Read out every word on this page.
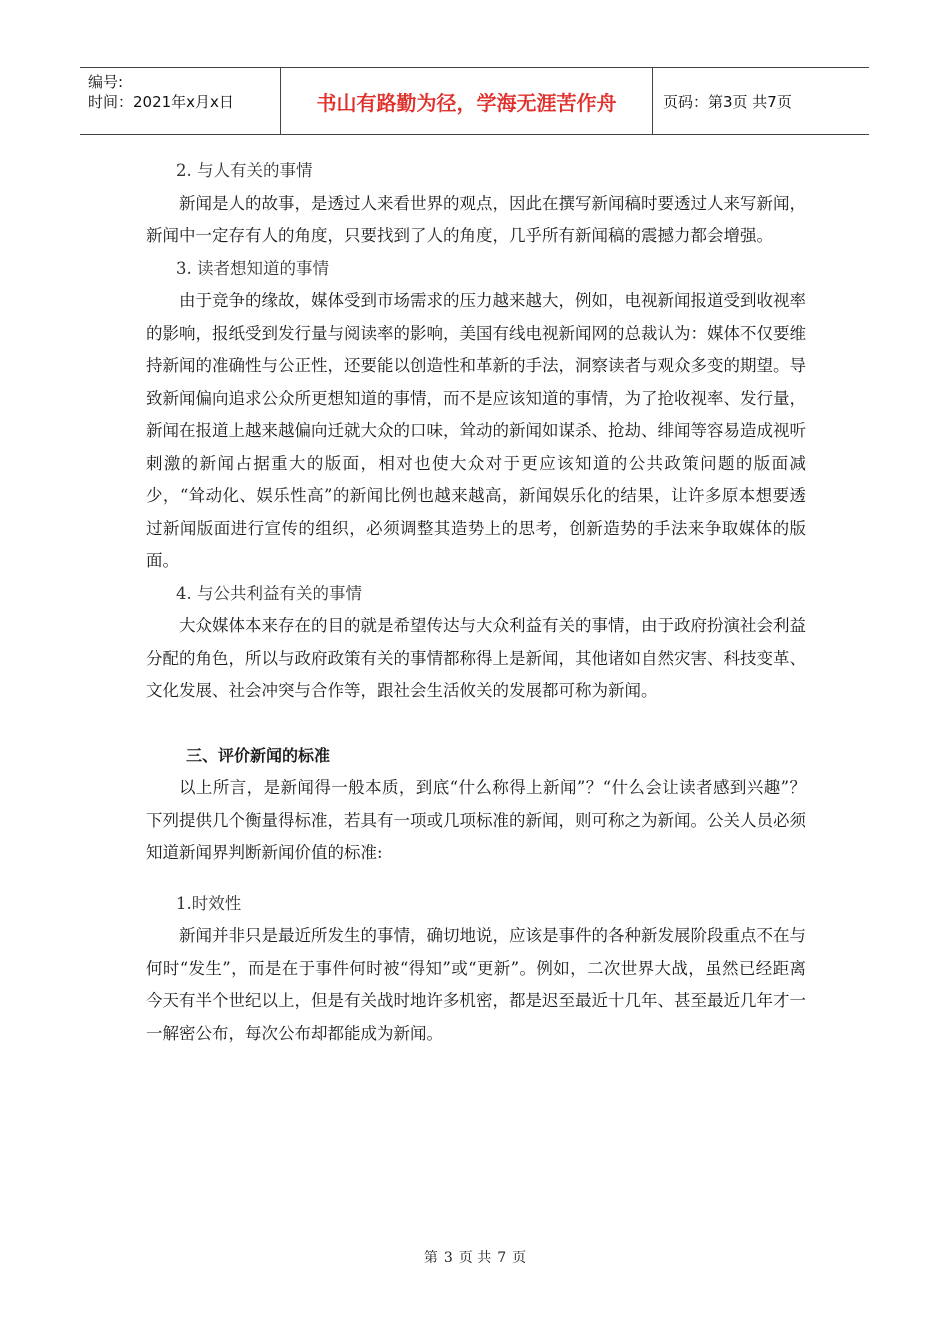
编号:
时间：2021年x月x日	书山有路勤为径，学海无涯苦作舟	页码：第3页 共7页

2. 与人有关的事情

新闻是人的故事，是透过人来看世界的观点，因此在撰写新闻稿时要透过人来写新闻，新闻中一定存有人的角度，只要找到了人的角度，几乎所有新闻稿的震撼力都会增强。

3. 读者想知道的事情

由于竞争的缘故，媒体受到市场需求的压力越来越大，例如，电视新闻报道受到收视率的影响，报纸受到发行量与阅读率的影响，美国有线电视新闻网的总裁认为：媒体不仅要维持新闻的准确性与公正性，还要能以创造性和革新的手法，洞察读者与观众多变的期望。导致新闻偏向追求公众所更想知道的事情，而不是应该知道的事情，为了抢收视率、发行量，新闻在报道上越来越偏向迁就大众的口味，耸动的新闻如谋杀、抢劫、绯闻等容易造成视听刺激的新闻占据重大的版面，相对也使大众对于更应该知道的公共政策问题的版面减少，“耸动化、娱乐性高”的新闻比例也越来越高，新闻娱乐化的结果，让许多原本想要透过新闻版面进行宣传的组织，必须调整其造势上的思考，创新造势的手法来争取媒体的版面。

4. 与公共利益有关的事情

大众媒体本来存在的目的就是希望传达与大众利益有关的事情，由于政府扮演社会利益分配的角色，所以与政府政策有关的事情都称得上是新闻，其他诸如自然灾害、科技变革、文化发展、社会冲突与合作等，跟社会生活攸关的发展都可称为新闻。

三、评价新闻的标准

以上所言，是新闻得一般本质，到底“什么称得上新闻”？“什么会让读者感到兴趣”？下列提供几个衡量得标准，若具有一项或几项标准的新闻，则可称之为新闻。公关人员必须知道新闻界判断新闻价值的标准:

1.时效性

新闻并非只是最近所发生的事情，确切地说，应该是事件的各种新发展阶段重点不在与何时“发生”，而是在于事件何时被“得知”或“更新”。例如，二次世界大战，虽然已经距离今天有半个世纪以上，但是有关战时地许多机密，都是迟至最近十几年、甚至最近几年才一一解密公布，每次公布却都能成为新闻。

第 3 页 共 7 页
